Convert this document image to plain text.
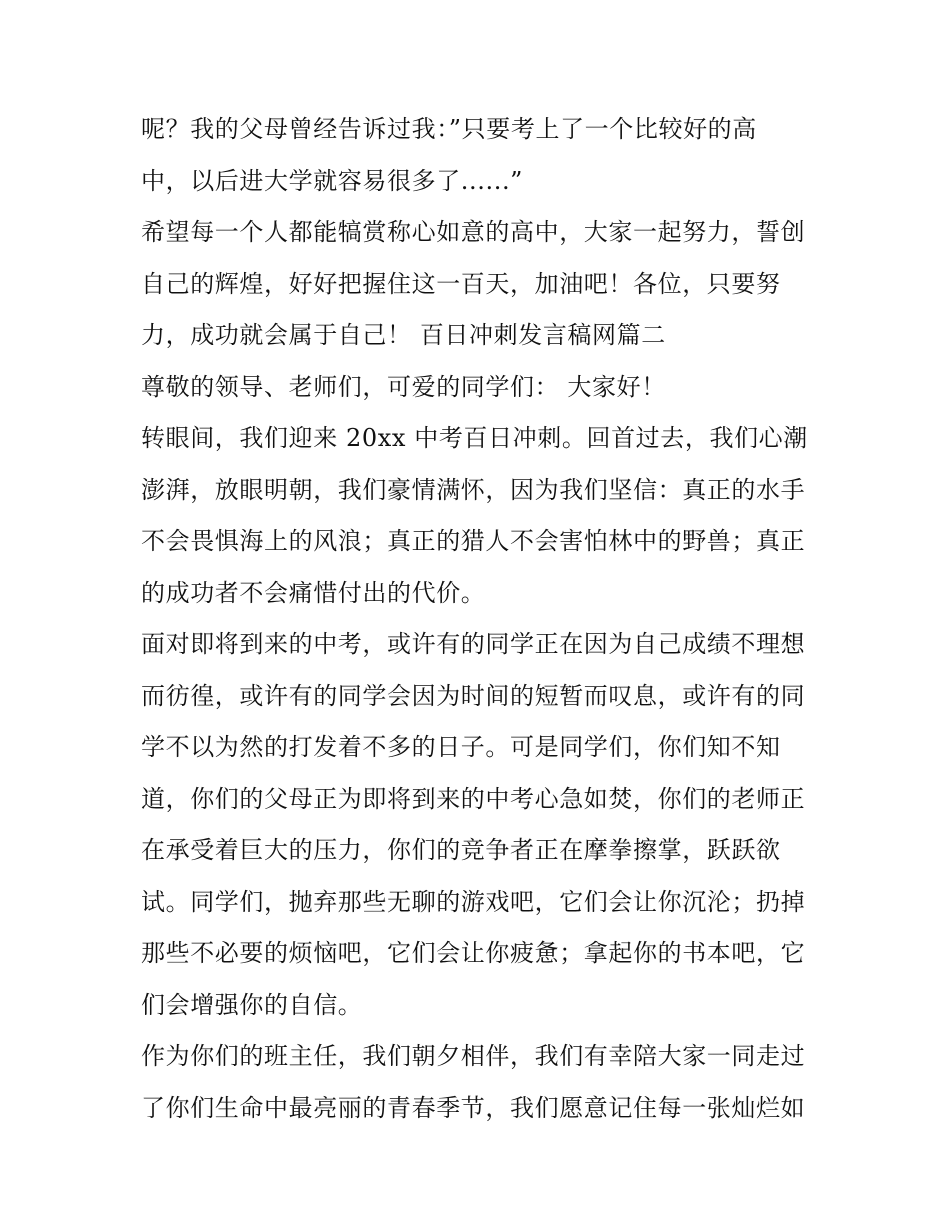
呢？我的父母曾经告诉过我：”只要考上了一个比较好的高
中，以后进大学就容易很多了......”
希望每一个人都能犒赏称心如意的高中，大家一起努力，誓创
自己的辉煌，好好把握住这一百天，加油吧！各位，只要努
力，成功就会属于自己！ 百日冲刺发言稿网篇二
尊敬的领导、老师们，可爱的同学们： 大家好！
转眼间，我们迎来 20xx 中考百日冲刺。回首过去，我们心潮
澎湃，放眼明朝，我们豪情满怀，因为我们坚信：真正的水手
不会畏惧海上的风浪；真正的猎人不会害怕林中的野兽；真正
的成功者不会痛惜付出的代价。
面对即将到来的中考，或许有的同学正在因为自己成绩不理想
而彷徨，或许有的同学会因为时间的短暂而叹息，或许有的同
学不以为然的打发着不多的日子。可是同学们，你们知不知
道，你们的父母正为即将到来的中考心急如焚，你们的老师正
在承受着巨大的压力，你们的竞争者正在摩拳擦掌，跃跃欲
试。同学们，抛弃那些无聊的游戏吧，它们会让你沉沦；扔掉
那些不必要的烦恼吧，它们会让你疲惫；拿起你的书本吧，它
们会增强你的自信。
作为你们的班主任，我们朝夕相伴，我们有幸陪大家一同走过
了你们生命中最亮丽的青春季节，我们愿意记住每一张灿烂如
